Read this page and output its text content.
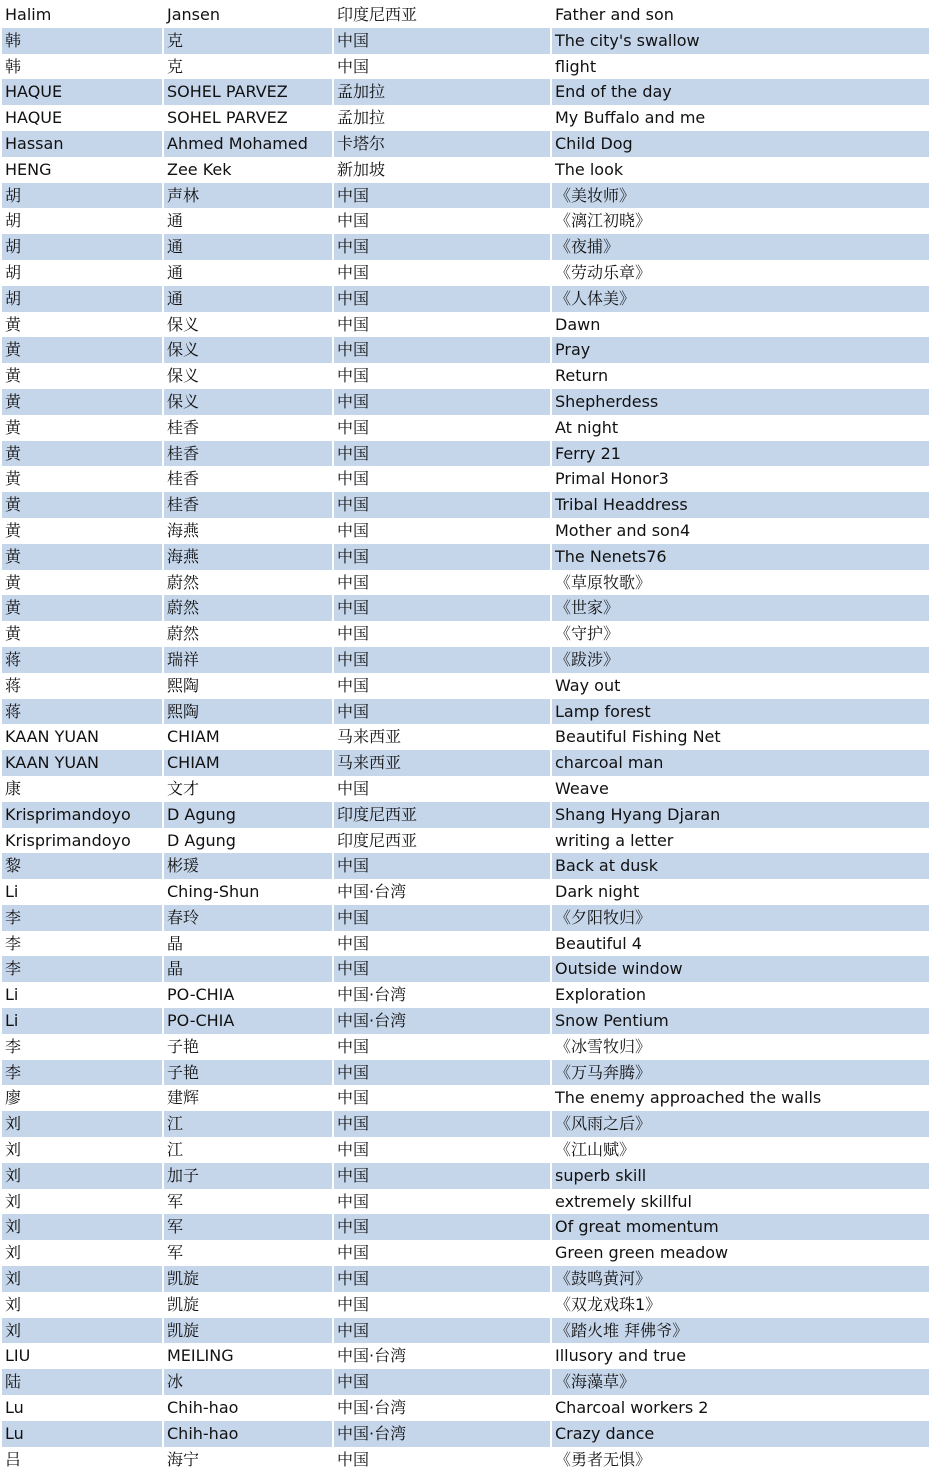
Halim	Jansen	印度尼西亚	Father and son
韩	克	中国	The city's swallow
韩	克	中国	flight
HAQUE	SOHEL PARVEZ	孟加拉	End of the day
HAQUE	SOHEL PARVEZ	孟加拉	My Buffalo and me
Hassan	Ahmed Mohamed	卡塔尔	Child Dog
HENG	Zee Kek	新加坡	The look
胡	声林	中国	《美妆师》
胡	通	中国	《漓江初晓》
胡	通	中国	《夜捕》
胡	通	中国	《劳动乐章》
胡	通	中国	《人体美》
黄	保义	中国	Dawn
黄	保义	中国	Pray
黄	保义	中国	Return
黄	保义	中国	Shepherdess
黄	桂香	中国	At night
黄	桂香	中国	Ferry 21
黄	桂香	中国	Primal Honor3
黄	桂香	中国	Tribal Headdress
黄	海燕	中国	Mother and son4
黄	海燕	中国	The Nenets76
黄	蔚然	中国	《草原牧歌》
黄	蔚然	中国	《世家》
黄	蔚然	中国	《守护》
蒋	瑞祥	中国	《跋涉》
蒋	熙陶	中国	Way out
蒋	熙陶	中国	Lamp forest
KAAN YUAN	CHIAM	马来西亚	Beautiful Fishing Net
KAAN YUAN	CHIAM	马来西亚	charcoal man
康	文才	中国	Weave
Krisprimandoyo	D Agung	印度尼西亚	Shang Hyang Djaran
Krisprimandoyo	D Agung	印度尼西亚	writing a letter
黎	彬瑗	中国	Back at dusk
Li	Ching-Shun	中国·台湾	Dark night
李	春玲	中国	《夕阳牧归》
李	晶	中国	Beautiful 4
李	晶	中国	Outside window
Li	PO-CHIA	中国·台湾	Exploration
Li	PO-CHIA	中国·台湾	Snow Pentium
李	子艳	中国	《冰雪牧归》
李	子艳	中国	《万马奔腾》
廖	建辉	中国	The enemy approached the walls
刘	江	中国	《风雨之后》
刘	江	中国	《江山赋》
刘	加子	中国	superb skill
刘	军	中国	extremely skillful
刘	军	中国	Of great momentum
刘	军	中国	Green green meadow
刘	凯旋	中国	《鼓鸣黄河》
刘	凯旋	中国	《双龙戏珠1》
刘	凯旋	中国	《踏火堆 拜佛爷》
LIU	MEILING	中国·台湾	Illusory and true
陆	冰	中国	《海藻草》
Lu	Chih-hao	中国·台湾	Charcoal workers 2
Lu	Chih-hao	中国·台湾	Crazy dance
吕	海宁	中国	《勇者无惧》
